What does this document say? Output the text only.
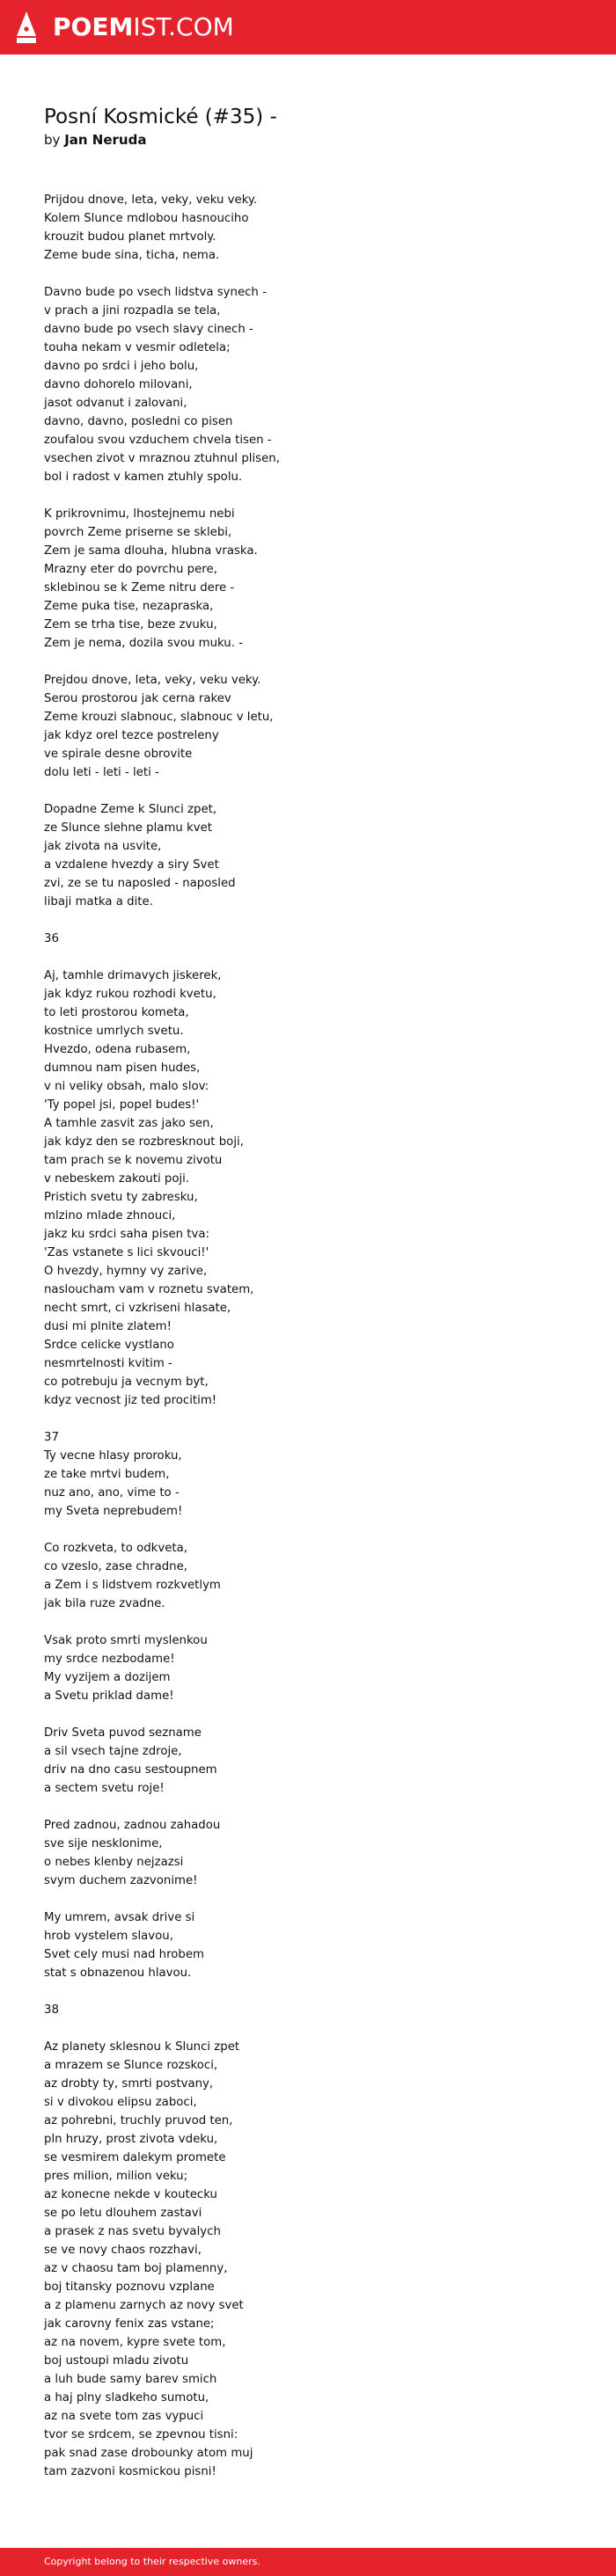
POEMIST.COM
Posní Kosmické (#35) -
by Jan Neruda
Prijdou dnove, leta, veky, veku veky.
Kolem Slunce mdlobou hasnouciho
krouzit budou planet mrtvoly.
Zeme bude sina, ticha, nema.

Davno bude po vsech lidstva synech -
v prach a jini rozpadla se tela,
davno bude po vsech slavy cinech -
touha nekam v vesmir odletela;
davno po srdci i jeho bolu,
davno dohorelo milovani,
jasot odvanut i zalovani,
davno, davno, posledni co pisen
zoufalou svou vzduchem chvela tisen -
vsechen zivot v mraznou ztuhnul plisen,
bol i radost v kamen ztuhly spolu.

K prikrovnimu, lhostejnemu nebi
povrch Zeme priserne se sklebi,
Zem je sama dlouha, hlubna vraska.
Mrazny eter do povrchu pere,
sklebinou se k Zeme nitru dere -
Zeme puka tise, nezapraska,
Zem se trha tise, beze zvuku,
Zem je nema, dozila svou muku. -

Prejdou dnove, leta, veky, veku veky.
Serou prostorou jak cerna rakev
Zeme krouzi slabnouc, slabnouc v letu,
jak kdyz orel tezce postreleny
ve spirale desne obrovite
dolu leti - leti - leti -

Dopadne Zeme k Slunci zpet,
ze Slunce slehne plamu kvet
jak zivota na usvite,
a vzdalene hvezdy a siry Svet
zvi, ze se tu naposled - naposled
libaji matka a dite.

36

Aj, tamhle drimavych jiskerek,
jak kdyz rukou rozhodi kvetu,
to leti prostorou kometa,
kostnice umrlych svetu.
Hvezdo, odena rubasem,
dumnou nam pisen hudes,
v ni veliky obsah, malo slov:
'Ty popel jsi, popel budes!'
A tamhle zasvit zas jako sen,
jak kdyz den se rozbresknout boji,
tam prach se k novemu zivotu
v nebeskem zakouti poji.
Pristich svetu ty zabresku,
mlzino mlade zhnouci,
jakz ku srdci saha pisen tva:
'Zas vstanete s lici skvouci!'
O hvezdy, hymny vy zarive,
nasloucham vam v roznetu svatem,
necht smrt, ci vzkriseni hlasate,
dusi mi plnite zlatem!
Srdce celicke vystlano
nesmrtelnosti kvitim -
co potrebuju ja vecnym byt,
kdyz vecnost jiz ted procitim!

37
Ty vecne hlasy proroku,
ze take mrtvi budem,
nuz ano, ano, vime to -
my Sveta neprebudem!

Co rozkveta, to odkveta,
co vzeslo, zase chradne,
a Zem i s lidstvem rozkvetlym
jak bila ruze zvadne.

Vsak proto smrti myslenkou
my srdce nezbodame!
My vyzijem a dozijem
a Svetu priklad dame!

Driv Sveta puvod sezname
a sil vsech tajne zdroje,
driv na dno casu sestoupnem
a sectem svetu roje!

Pred zadnou, zadnou zahadou
sve sije nesklonime,
o nebes klenby nejzazsi
svym duchem zazvonime!

My umrem, avsak drive si
hrob vystelem slavou,
Svet cely musi nad hrobem
stat s obnazenou hlavou.

38

Az planety sklesnou k Slunci zpet
a mrazem se Slunce rozskoci,
az drobty ty, smrti postvany,
si v divokou elipsu zaboci,
az pohrebni, truchly pruvod ten,
pln hruzy, prost zivota vdeku,
se vesmirem dalekym promete
pres milion, milion veku;
az konecne nekde v koutecku
se po letu dlouhem zastavi
a prasek z nas svetu byvalych
se ve novy chaos rozzhavi,
az v chaosu tam boj plamenny,
boj titansky poznovu vzplane
a z plamenu zarnych az novy svet
jak carovny fenix zas vstane;
az na novem, kypre svete tom,
boj ustoupi mladu zivotu
a luh bude samy barev smich
a haj plny sladkeho sumotu,
az na svete tom zas vypuci
tvor se srdcem, se zpevnou tisni:
pak snad zase drobounky atom muj
tam zazvoni kosmickou pisni!
Copyright belong to their respective owners.
